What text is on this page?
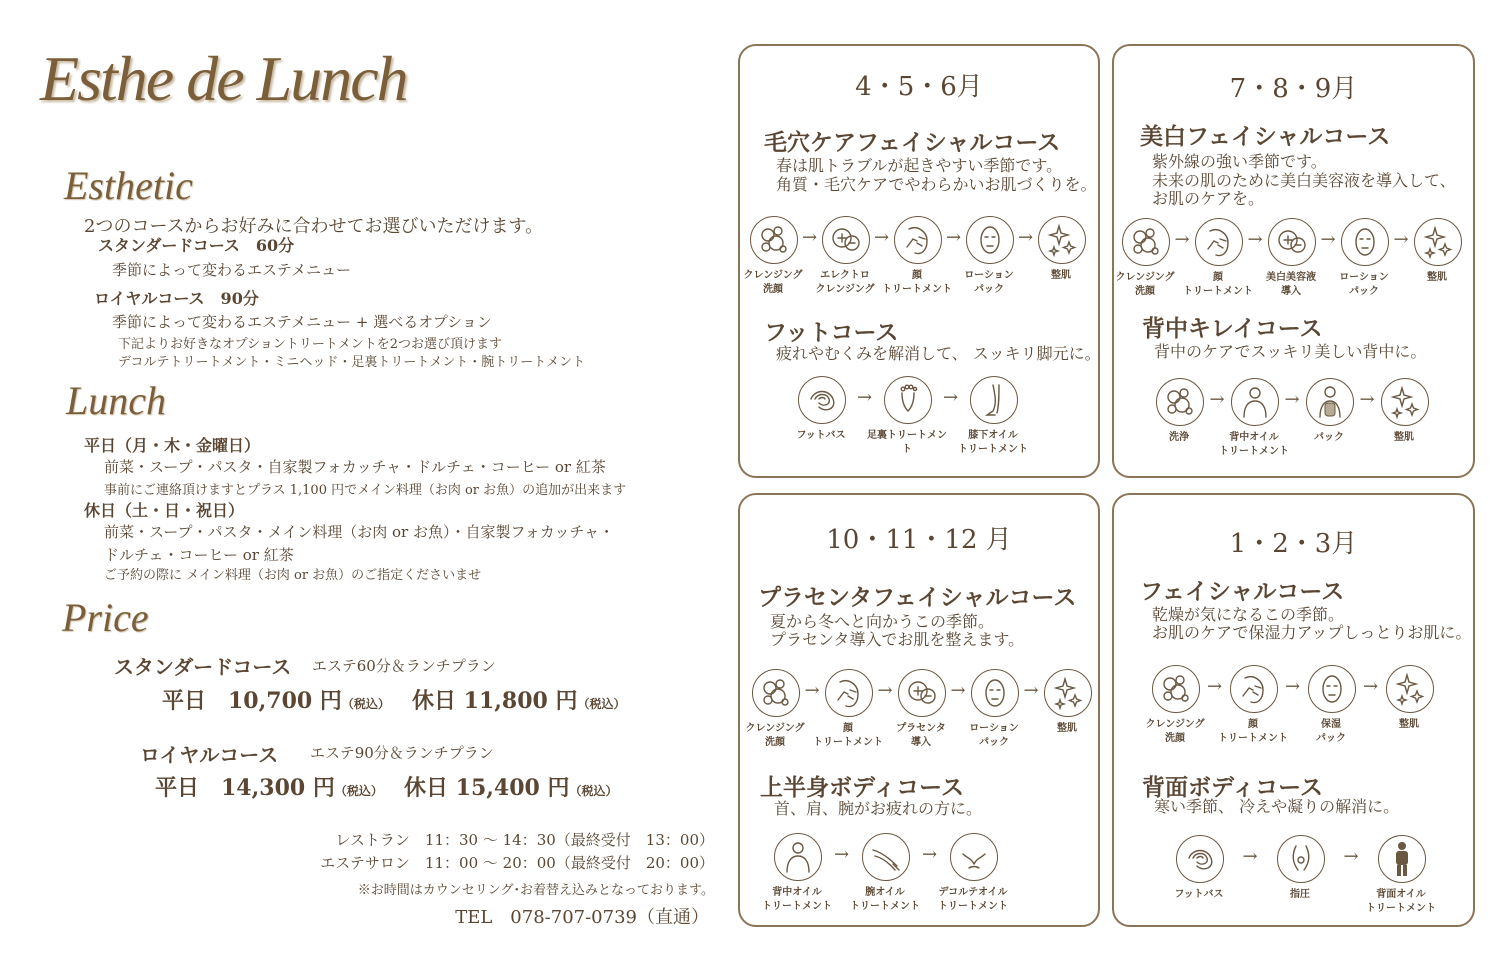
Esthe de Lunch
Esthetic
2つのコースからお好みに合わせてお選びいただけます。
スタンダードコース　60分
季節によって変わるエステメニュー
ロイヤルコース　90分
季節によって変わるエステメニュー + 選べるオプション
下記よりお好きなオプショントリートメントを2つお選び頂けます
デコルテトリートメント・ミニヘッド・足裏トリートメント・腕トリートメント
Lunch
平日（月・木・金曜日）
前菜・スープ・パスタ・自家製フォカッチャ・ドルチェ・コーヒー or 紅茶
事前にご連絡頂けますとプラス 1,100 円でメイン料理（お肉 or お魚）の追加が出来ます
休日（土・日・祝日）
前菜・スープ・パスタ・メイン料理（お肉 or お魚）・自家製フォカッチャ・
ドルチェ・コーヒー or 紅茶
ご予約の際に メイン料理（お肉 or お魚）のご指定くださいませ
Price
スタンダードコース エステ60分＆ランチプラン
平日　10,700 円（税込） 休日 11,800 円（税込）
ロイヤルコース エステ90分＆ランチプラン
平日　14,300 円（税込） 休日 15,400 円（税込）
レストラン　11：30 〜 14：30（最終受付　13：00）
エステサロン　11：00 〜 20：00（最終受付　20：00）
※お時間はカウンセリング･お着替え込みとなっております。
TEL　078-707-0739（直通）
4・5・6月
毛穴ケアフェイシャルコース
春は肌トラブルが起きやすい季節です。
角質・毛穴ケアでやわらかいお肌づくりを。
フットコース
疲れやむくみを解消して、 スッキリ脚元に。
クレンジング
洗顔
→
エレクトロ
クレンジング
→
顔
トリートメント
→
ローション
パック
→
整肌
フットバス
→
足裏トリートメント
→
膝下オイル
トリートメント
7・8・9月
美白フェイシャルコース
紫外線の強い季節です。
未来の肌のために美白美容液を導入して、
お肌のケアを。
背中キレイコース
背中のケアでスッキリ美しい背中に。
クレンジング
洗顔
→
顔
トリートメント
→
美白美容液
導入
→
ローション
パック
→
整肌
洗浄
→
背中オイル
トリートメント
→
パック
→
整肌
10・11・12 月
プラセンタフェイシャルコース
夏から冬へと向かうこの季節。
プラセンタ導入でお肌を整えます。
上半身ボディコース
首、肩、腕がお疲れの方に。
クレンジング
洗顔
→
顔
トリートメント
→
プラセンタ
導入
→
ローション
パック
→
整肌
背中オイル
トリートメント
→
腕オイル
トリートメント
→
デコルテオイル
トリートメント
1・2・3月
フェイシャルコース
乾燥が気になるこの季節。
お肌のケアで保湿力アップしっとりお肌に。
背面ボディコース
寒い季節、 冷えや凝りの解消に。
クレンジング
洗顔
→
顔
トリートメント
→
保湿
パック
→
整肌
フットバス
→
指圧
→
背面オイル
トリートメント
